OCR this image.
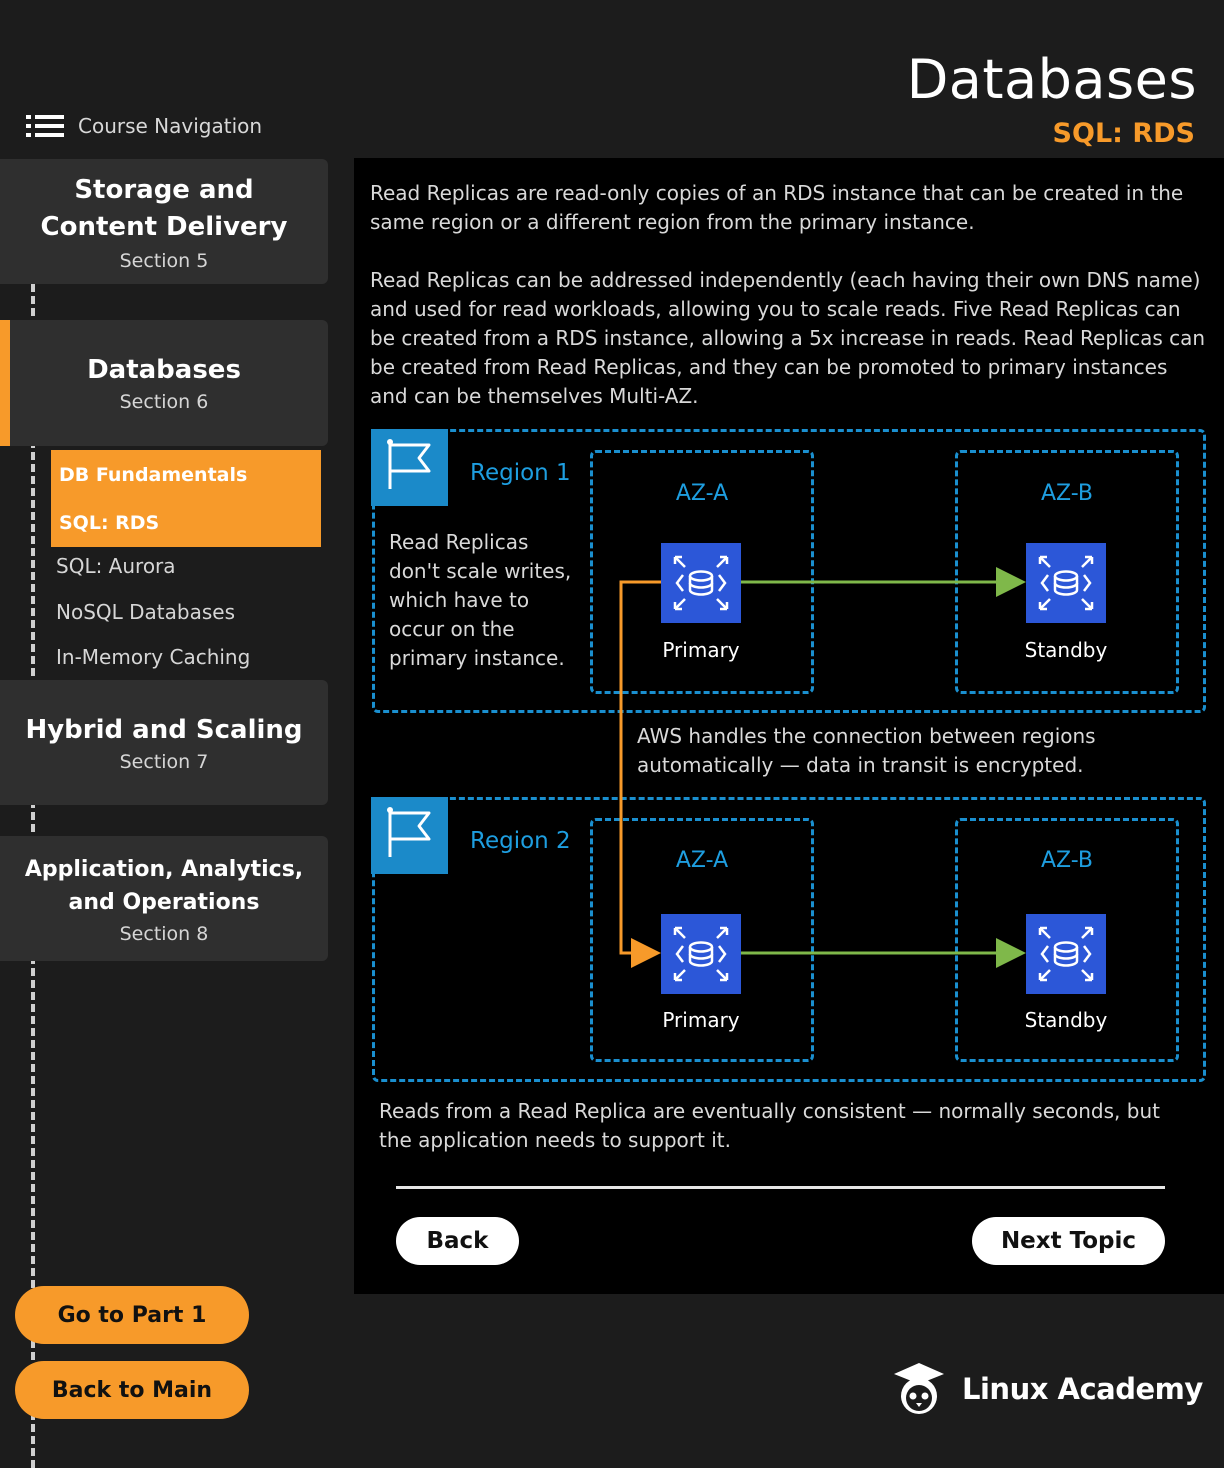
Databases
SQL: RDS
Course Navigation
Storage and Content Delivery
Section 5
Databases
Section 6
DB Fundamentals
SQL: RDS
SQL: Aurora
NoSQL Databases
In-Memory Caching
Hybrid and Scaling
Section 7
Application, Analytics, and Operations
Section 8
Go to Part 1
Back to Main
Read Replicas are read-only copies of an RDS instance that can be created in the same region or a different region from the primary instance.
Read Replicas can be addressed independently (each having their own DNS name) and used for read workloads, allowing you to scale reads. Five Read Replicas can be created from a RDS instance, allowing a 5x increase in reads. Read Replicas can be created from Read Replicas, and they can be promoted to primary instances and can be themselves Multi-AZ.
Region 1
AZ-A	AZ-B
Read Replicas don't scale writes, which have to occur on the primary instance.
Region 2
AZ-A	AZ-B
AWS handles the connection between regions automatically — data in transit is encrypted.
Primary	Standby
Primary	Standby
Reads from a Read Replica are eventually consistent — normally seconds, but the application needs to support it.
Back	Next Topic
Linux Academy
